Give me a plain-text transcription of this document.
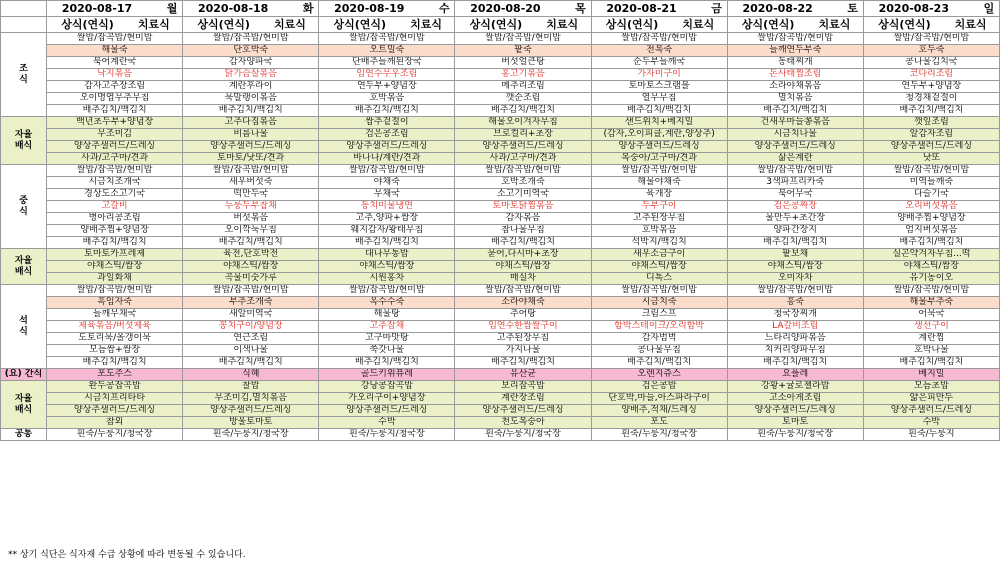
	2020-08-17 월	2020-08-18 화	2020-08-19 수	2020-08-20 목	2020-08-21 금	2020-08-22 토	2020-08-23 일
	상식(연식) 치료식	상식(연식) 치료식	상식(연식) 치료식	상식(연식) 치료식	상식(연식) 치료식	상식(연식) 치료식	상식(연식) 치료식
조
식	쌀밥/잡곡밥/현미밥	쌀밥/잡곡밥/현미밥	쌀밥/잡곡밥/현미밥	쌀밥/잡곡밥/현미밥	쌀밥/잡곡밥/현미밥	쌀밥/잡곡밥/현미밥	쌀밥/잡곡밥/현미밥
	해물죽	단호박죽	오트밀죽	팥죽	전복죽	들깨연두부죽	호두죽
	북어계란국	감자양파국	단배추들깨된장국	버섯얼큰탕	순두부들깨국	동태찌개	콩나물김치국
	낙지볶음	닭가슴살볶음	임연수무우조림	홍고기볶음	가자미구이	돈사태찜조림	코다리조림
	감자고추장조림	계란후라이	연두부+양념장	메추리조림	토마토스크램블	소라야채볶음	연두부+양념장
	오이명엽무추무침	묵말랭이볶음	호박볶음	깻순조림	열무무침	멸치볶음	청경채겉절이
	배추김치/백김치	배추김치/백김치	배추김치/백김치	배추김치/백김치	배추김치/백김치	배추김치/백김치	배추김치/백김치
자율
배식	백년초두부+양념장	고추다짐볶음	쌈추겉절이	해물오이겨자무침	샌드위치+베지밀	건새우마늘쫑볶음	깻잎조림
	무조미김	비름나물	검은콩조림	브로컬리+초장	(감자,오이피클,계란,양상추)	시금치나물	알감자조림
	양상추샐러드/드레싱	양상추샐러드/드레싱	양상추샐러드/드레싱	양상추샐러드/드레싱	양상추샐러드/드레싱	양상추샐러드/드레싱	양상추샐러드/드레싱
	사과/고구마/견과	토마토/낫또/견과	바나나/계란/견과	사과/고구마/견과	복숭아/고구마/견과	삶은계란	낫또
중
식	쌀밥/잡곡밥/현미밥	쌀밥/잡곡밥/현미밥	쌀밥/잡곡밥/현미밥	쌀밥/잡곡밥/현미밥	쌀밥/잡곡밥/현미밥	쌀밥/잡곡밥/현미밥	쌀밥/잡곡밥/현미밥
	시금치조개국	새우버섯죽	야채죽	호박조개죽	해물야채죽	3색파프리카죽	미역들깨죽
	경상도소고기국	떡만두국	무채국	소고기미역국	육개장	북어무국	다슬기국
	고갈비	누룽두부찹채	동치미물냉면	토마토닭찜볶음	두부구이	검은콩짜장	오리버섯볶음
	병아리콩조림	버섯볶음	고추,양파+쌈장	감자볶음	고추된장무침	물만두+초간장	양배추찜+양념장
	양배추찜+양념장	오이깍둑무침	웨지감자/왕태무침	참나물무침	호박볶음	양파간장지	엄지버섯볶음
	배추김치/백김치	배추김치/백김치	배추김치/백김치	배추김치/백김치	석박지/백김치	배추김치/백김치	배추김치/백김치
자율
배식	토마토카프레제	육전,단호박전	대나무통밥	묻어,다시마+초장	새우소금구이	팥보채	실곤약겨자무침...떡
	야채스틱/쌈장	야채스틱/쌈장	야채스틱/쌈장	야채스틱/쌈장	야채스틱/쌈장	야채스틱/쌈장	야채스틱/쌈장
	과일화채	곡물미숫가루	시원홍차	매실차	디톡스	오미자차	유기농이오
석
식	쌀밥/잡곡밥/현미밥	쌀밥/잡곡밥/현미밥	쌀밥/잡곡밥/현미밥	쌀밥/잡곡밥/현미밥	쌀밥/잡곡밥/현미밥	쌀밥/잡곡밥/현미밥	쌀밥/잡곡밥/현미밥
	흑임자죽	부추조개죽	옥수수죽	소라야채죽	시금치죽	흥죽	해물부추죽
	들깨무채국	새알미역국	해물탕	추어탕	크림스프	청국장찌개	어묵국
	제육볶음/버섯제육	꽁치구이/양념장	고추잡채	임연수한쌈쌀구이	함박스테이크/오리함박	LA갈비조림	생선구이
	도토리묵/올갱이묵	연근조림	고구마맛탕	고추된장무침	감자범벅	느타리양파볶음	계란찜
	모듬쌈+쌈장	이색나물	쑥갓나물	가지나물	콩나물무침	치커리양파무침	호박나물
	배추김치/백김치	배추김치/백김치	배추김치/백김치	배추김치/백김치	배추김치/백김치	배추김치/백김치	배추김치/백김치
(요) 간식	포도주스	식혜	골드키위퓨레	유산균	오렌지쥬스	요플레	베지밀
자율
배식	완두콩잡곡밥	찰밥	강낭콩잡곡밥	보리잡곡밥	검은콩밥	강황+귤로젤라밥	모듬초밥
	시금치프리타타	무조미김,멸치볶음	가오리구이+양념장	계란장조림	단호박,마늘,아스파라구이	고소아게조림	얇은피만두
	양상추샐러드/드레싱	양상추샐러드/드레싱	양상추샐러드/드레싱	양상추샐러드/드레싱	양배추,적채/드레싱	양상추샐러드/드레싱	양상추샐러드/드레싱
	참외	방울토마토	수박	천도복숭아	포도	토마토	수박
공통	흰죽/누룽지/청국장	흰죽/누룽지/청국장	흰죽/누룽지/청국장	흰죽/누룽지/청국장	흰죽/누룽지/청국장	흰죽/누룽지/청국장	흰죽/누룽지
** 상기 식단은 식자재 수급 상황에 따라 변동될 수 있습니다.
